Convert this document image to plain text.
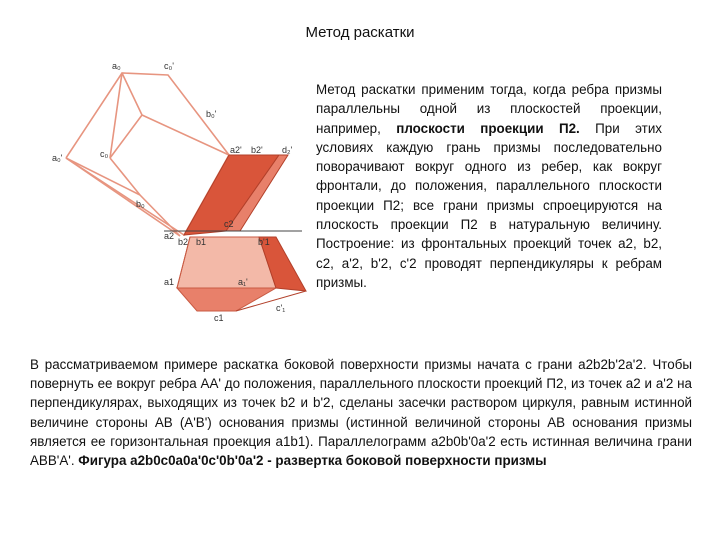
Метод раскатки
a₀	c₀'
b₀'
a₀'	c₀
b₀
a2' b2' d₂'
c2
a2
b2 b1	b'1
a1	a₁'
c1
c'₁
Метод раскатки применим тогда, когда ребра призмы параллельны одной из плоскостей проекции, например, плоскости проекции П2. При этих условиях каждую грань призмы последовательно поворачивают вокруг одного из ребер, как вокруг фронтали, до положения, параллельного плоскости проекции П2; все грани призмы спроецируются на плоскость проекции П2 в натуральную величину. Построение: из фронтальных проекций точек a2, b2, c2, a'2, b'2, c'2 проводят перпендикуляры к ребрам призмы.
В рассматриваемом примере раскатка боковой поверхности призмы начата с грани a2b2b'2a'2. Чтобы повернуть ее вокруг ребра AA' до положения, параллельного плоскости проекций П2, из точек a2 и a'2 на перпендикулярах, выходящих из точек b2 и b'2, сделаны засечки раствором циркуля, равным истинной величине стороны AB (A'B') основания призмы (истинной величиной стороны AB основания призмы является ее горизонтальная проекция a1b1). Параллелограмм a2b0b'0a'2 есть истинная величина грани ABB'A'. Фигура a2b0c0a0a'0c'0b'0a'2 - развертка боковой поверхности призмы
